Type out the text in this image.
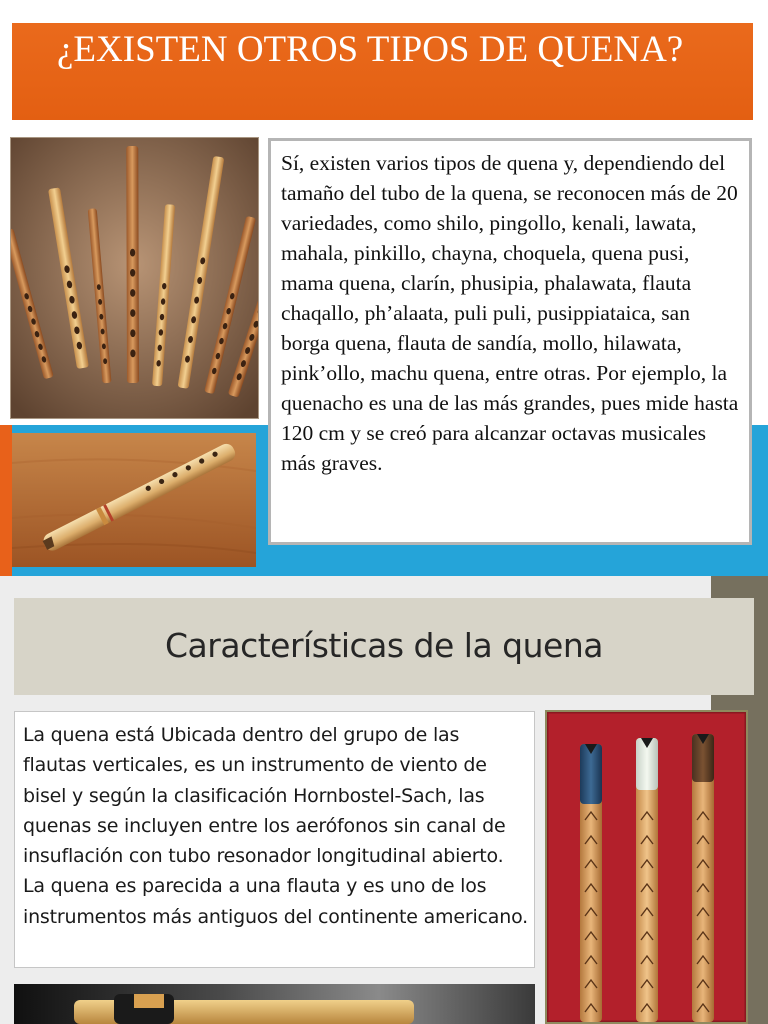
¿EXISTEN OTROS TIPOS DE QUENA?
Sí, existen varios tipos de quena y, dependiendo del tamaño del tubo de la quena, se reconocen más de 20 variedades, como shilo, pingollo, kenali, lawata, mahala, pinkillo, chayna, choquela, quena pusi, mama quena, clarín, phusipia, phalawata, flauta chaqallo, ph’alaata, puli puli, pusippiataica, san borga quena, flauta de sandía, mollo, hilawata, pink’ollo, machu quena, entre otras. Por ejemplo, la quenacho es una de las más grandes, pues mide hasta 120 cm y se creó para alcanzar octavas musicales más graves.
Características de la quena
La quena está Ubicada dentro del grupo de las flautas verticales, es un instrumento de viento de bisel y según la clasificación Hornbostel-Sach, las quenas se incluyen entre los aerófonos sin canal de insuflación con tubo resonador longitudinal abierto. La quena es parecida a una flauta y es uno de los instrumentos más antiguos del continente americano.
